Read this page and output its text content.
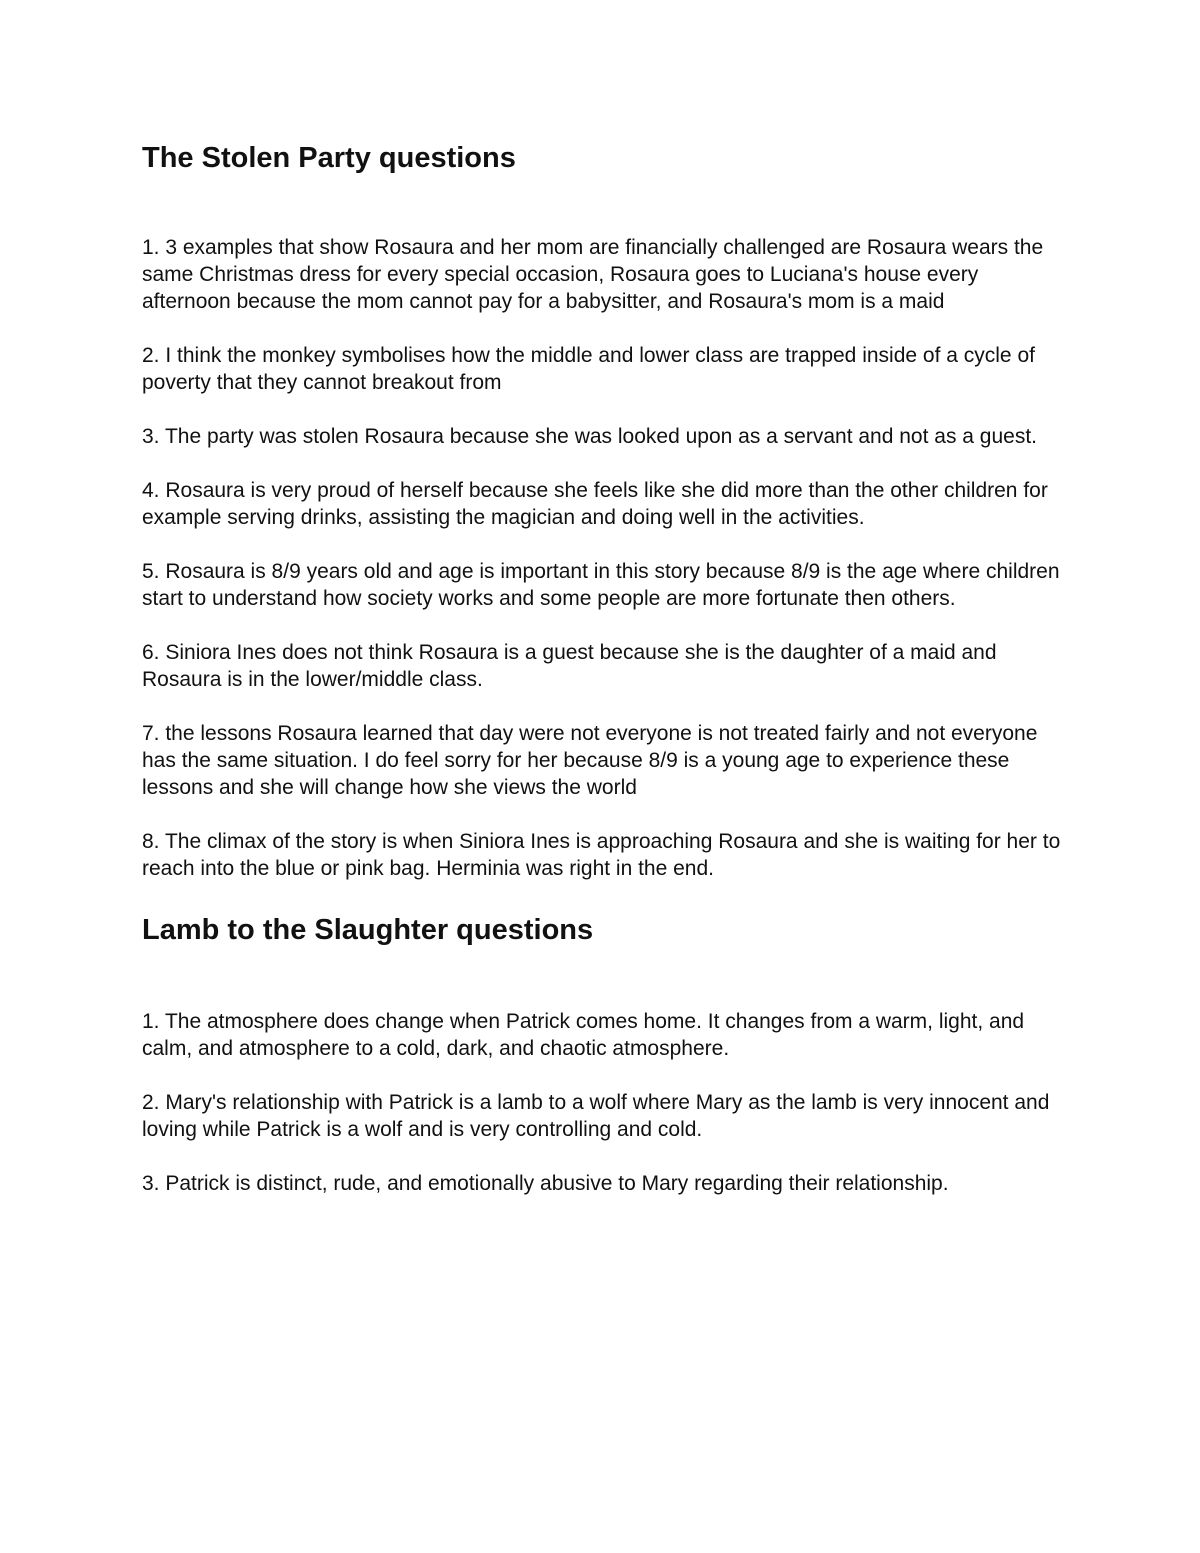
The Stolen Party questions

1. 3 examples that show Rosaura and her mom are financially challenged are Rosaura wears the same Christmas dress for every special occasion, Rosaura goes to Luciana's house every afternoon because the mom cannot pay for a babysitter, and Rosaura's mom is a maid

2. I think the monkey symbolises how the middle and lower class are trapped inside of a cycle of poverty that they cannot breakout from

3. The party was stolen Rosaura because she was looked upon as a servant and not as a guest.

4. Rosaura is very proud of herself because she feels like she did more than the other children for example serving drinks, assisting the magician and doing well in the activities.

5. Rosaura is 8/9 years old and age is important in this story because 8/9 is the age where children start to understand how society works and some people are more fortunate then others.

6. Siniora Ines does not think Rosaura is a guest because she is the daughter of a maid and Rosaura is in the lower/middle class.

7. the lessons Rosaura learned that day were not everyone is not treated fairly and not everyone has the same situation. I do feel sorry for her because 8/9 is a young age to experience these lessons and she will change how she views the world

8. The climax of the story is when Siniora Ines is approaching Rosaura and she is waiting for her to reach into the blue or pink bag. Herminia was right in the end.

Lamb to the Slaughter questions

1. The atmosphere does change when Patrick comes home. It changes from a warm, light, and calm, and atmosphere to a cold, dark, and chaotic atmosphere.

2. Mary's relationship with Patrick is a lamb to a wolf where Mary as the lamb is very innocent and loving while Patrick is a wolf and is very controlling and cold.

3. Patrick is distinct, rude, and emotionally abusive to Mary regarding their relationship.
